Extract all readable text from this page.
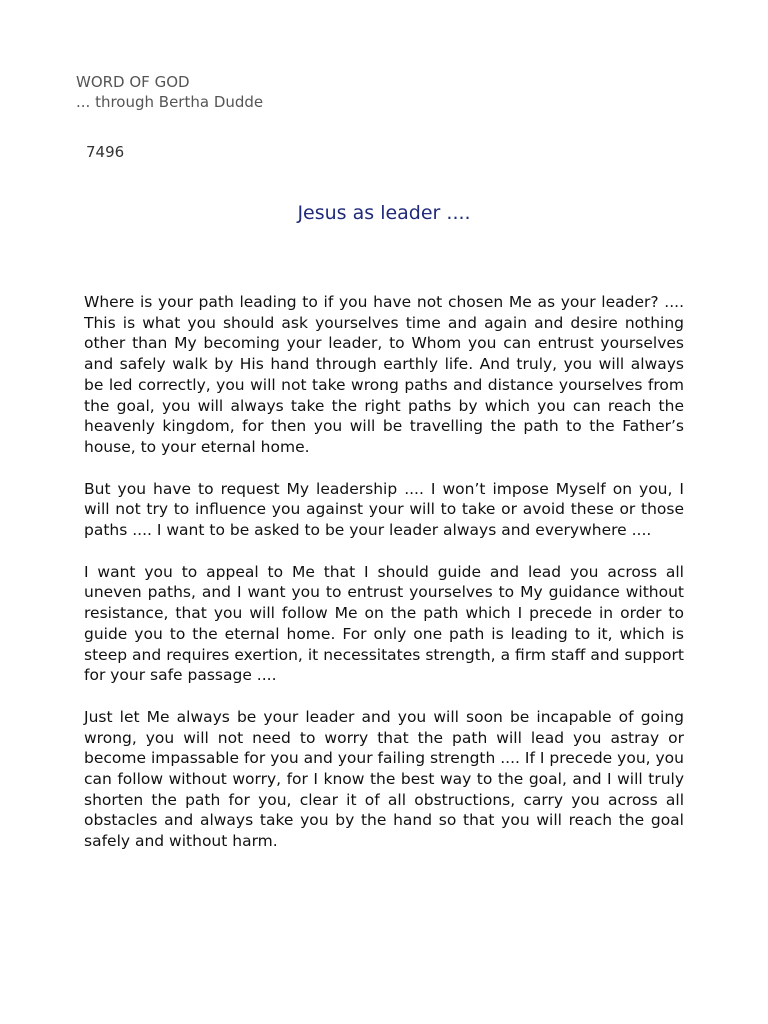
WORD OF GOD
... through Bertha Dudde
7496
Jesus as leader ....

Where is your path leading to if you have not chosen Me as your leader? .... This is what you should ask yourselves time and again and desire nothing other than My becoming your leader, to Whom you can entrust yourselves and safely walk by His hand through earthly life. And truly, you will always be led correctly, you will not take wrong paths and distance yourselves from the goal, you will always take the right paths by which you can reach the heavenly kingdom, for then you will be travelling the path to the Father’s house, to your eternal home.

But you have to request My leadership .... I won’t impose Myself on you, I will not try to influence you against your will to take or avoid these or those paths .... I want to be asked to be your leader always and everywhere ....

I want you to appeal to Me that I should guide and lead you across all uneven paths, and I want you to entrust yourselves to My guidance without resistance, that you will follow Me on the path which I precede in order to guide you to the eternal home. For only one path is leading to it, which is steep and requires exertion, it necessitates strength, a firm staff and support for your safe passage ....

Just let Me always be your leader and you will soon be incapable of going wrong, you will not need to worry that the path will lead you astray or become impassable for you and your failing strength .... If I precede you, you can follow without worry, for I know the best way to the goal, and I will truly shorten the path for you, clear it of all obstructions, carry you across all obstacles and always take you by the hand so that you will reach the goal safely and without harm.
